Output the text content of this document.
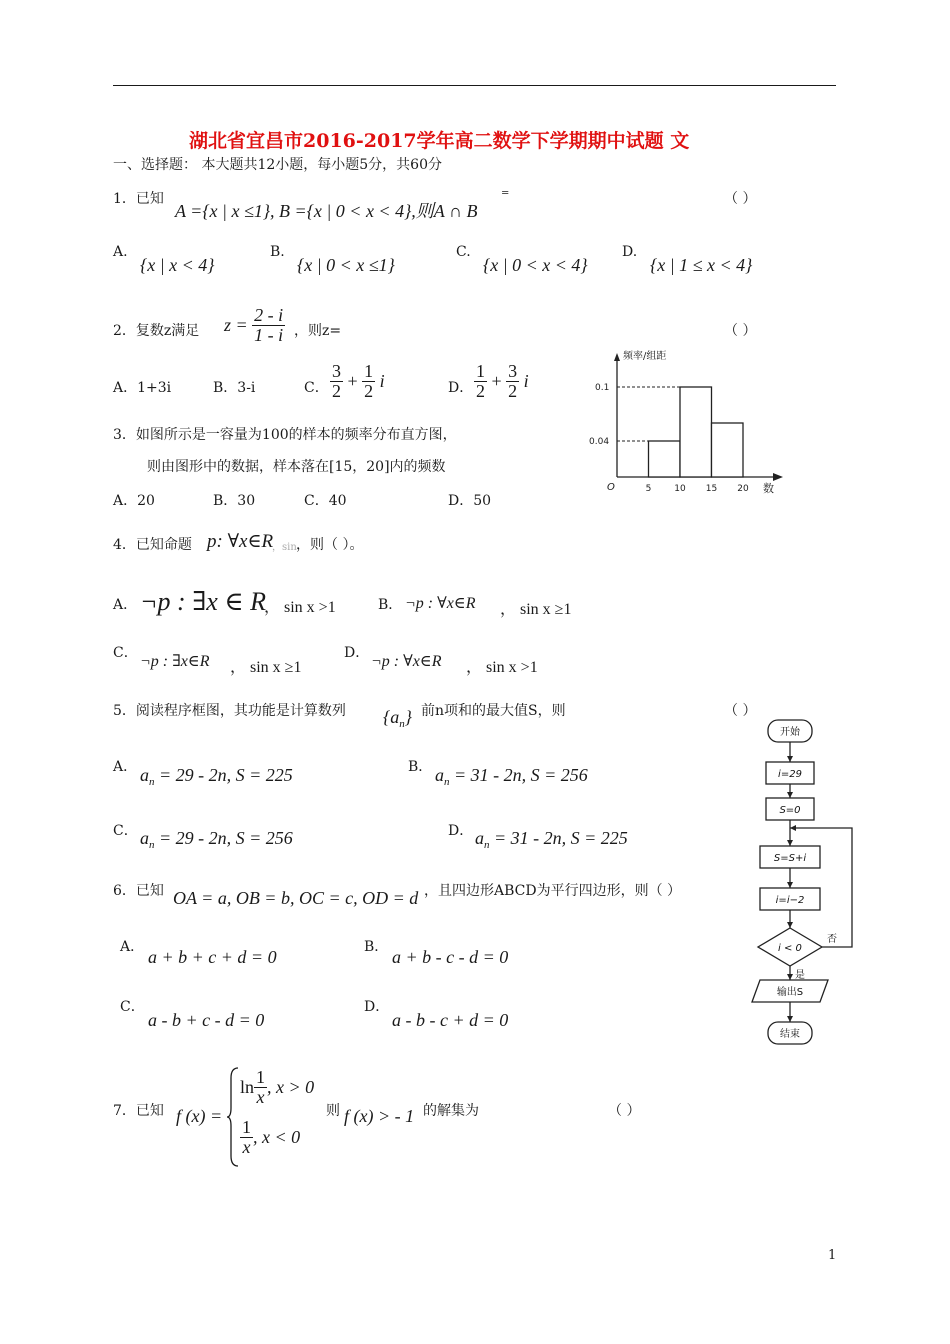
湖北省宜昌市2016-2017学年高二数学下学期期中试题 文
一、选择题： 本大题共12小题，每小题5分，共60分
1．已知
A ={x | x ≤1}, B ={x | 0 < x < 4},则A ∩ B
=	（ ）
A.
{x | x < 4}
B.
{x | 0 < x ≤1}
C.
{x | 0 < x < 4}
D.
{x | 1 ≤ x < 4}
2．复数z满足 $z = \frac{2 - i}{1 - i}$ ，则z=	（ ）
A．1+3i	B．3-i	C． $\frac{3}{2} + \frac{1}{2}$ i	D． $\frac{1}{2} + \frac{3}{2}$ i
3．如图所示是一容量为100的样本的频率分布直方图，
则由图形中的数据，样本落在[15，20]内的频数
A．20	B．30	C．40	D．50
频率/组距
数
O
0.1
0.04
5	10 15 20
4．已知命题 p: ∀x∈R
，sin ，则（ ）。
A． ¬p : ∃x ∈ R
， sin x >1	B． ¬p : ∀x∈R ， sin x ≥1
C． ¬p : ∃x∈R ， sin x ≥1
D． ¬p : ∀x∈R ， sin x >1
5．阅读程序框图，其功能是计算数列 $\{a_n\}$ 前n项和的最大值S，则	（ ）
A． $a_n = 29 - 2n$, S = 225	B． $a_n = 31 - 2n$, S = 256
C． $a_n = 29 - 2n$, S = 256	D． $a_n = 31 - 2n$, S = 225
开始
i=29
S=0
S=S+i
i=i−2
i < 0
否
是
输出S
结束
6．已知 OA = a, OB = b, OC = c, OD = d ，且四边形ABCD为平行四边形，则（ ）
A． a + b + c + d = 0	B． a + b - c - d = 0
C．
a - b + c - d = 0
D．
a - b - c + d = 0
7．已知 f (x) =
$\ln \frac{1}{x}$ , x > 0
$\frac{1}{x}$ , x < 0
则 f (x) > - 1 的解集为	（ ）
1
